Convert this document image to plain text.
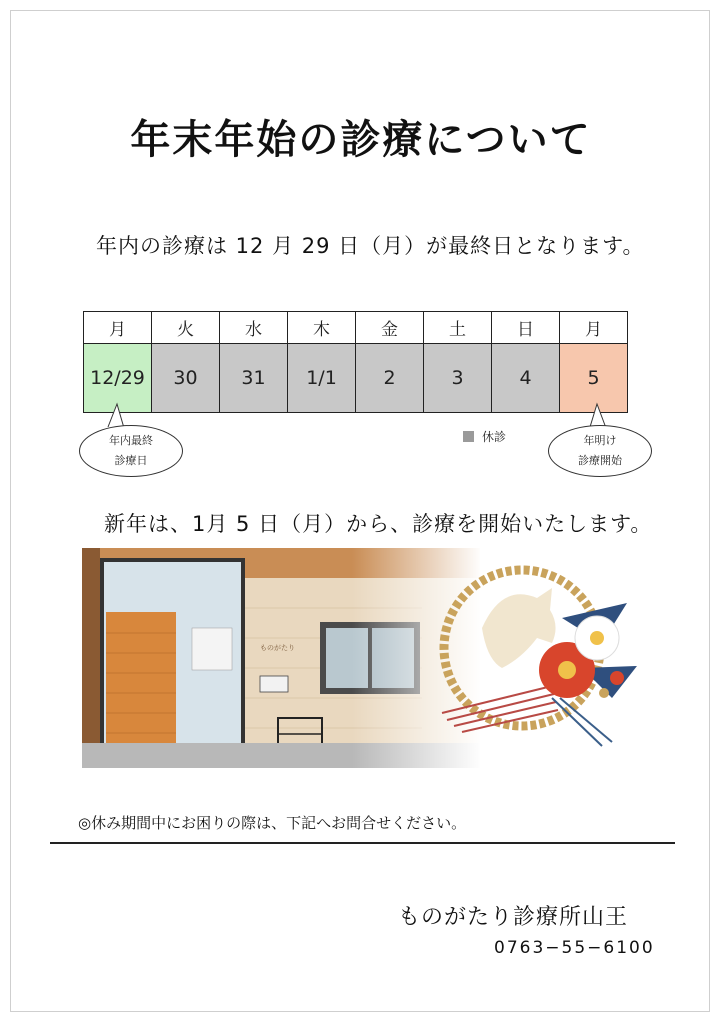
年末年始の診療について
年内の診療は 12 月 29 日（月）が最終日となります。
月	火	水	木	金	土	日	月
12/29	30	31	1/1	2	3	4	5
年内最終
診療日
年明け
診療開始
休診
新年は、1月 5 日（月）から、診療を開始いたします。
ものがたり
◎休み期間中にお困りの際は、下記へお問合せください。
ものがたり診療所山王
0763−55−6100
